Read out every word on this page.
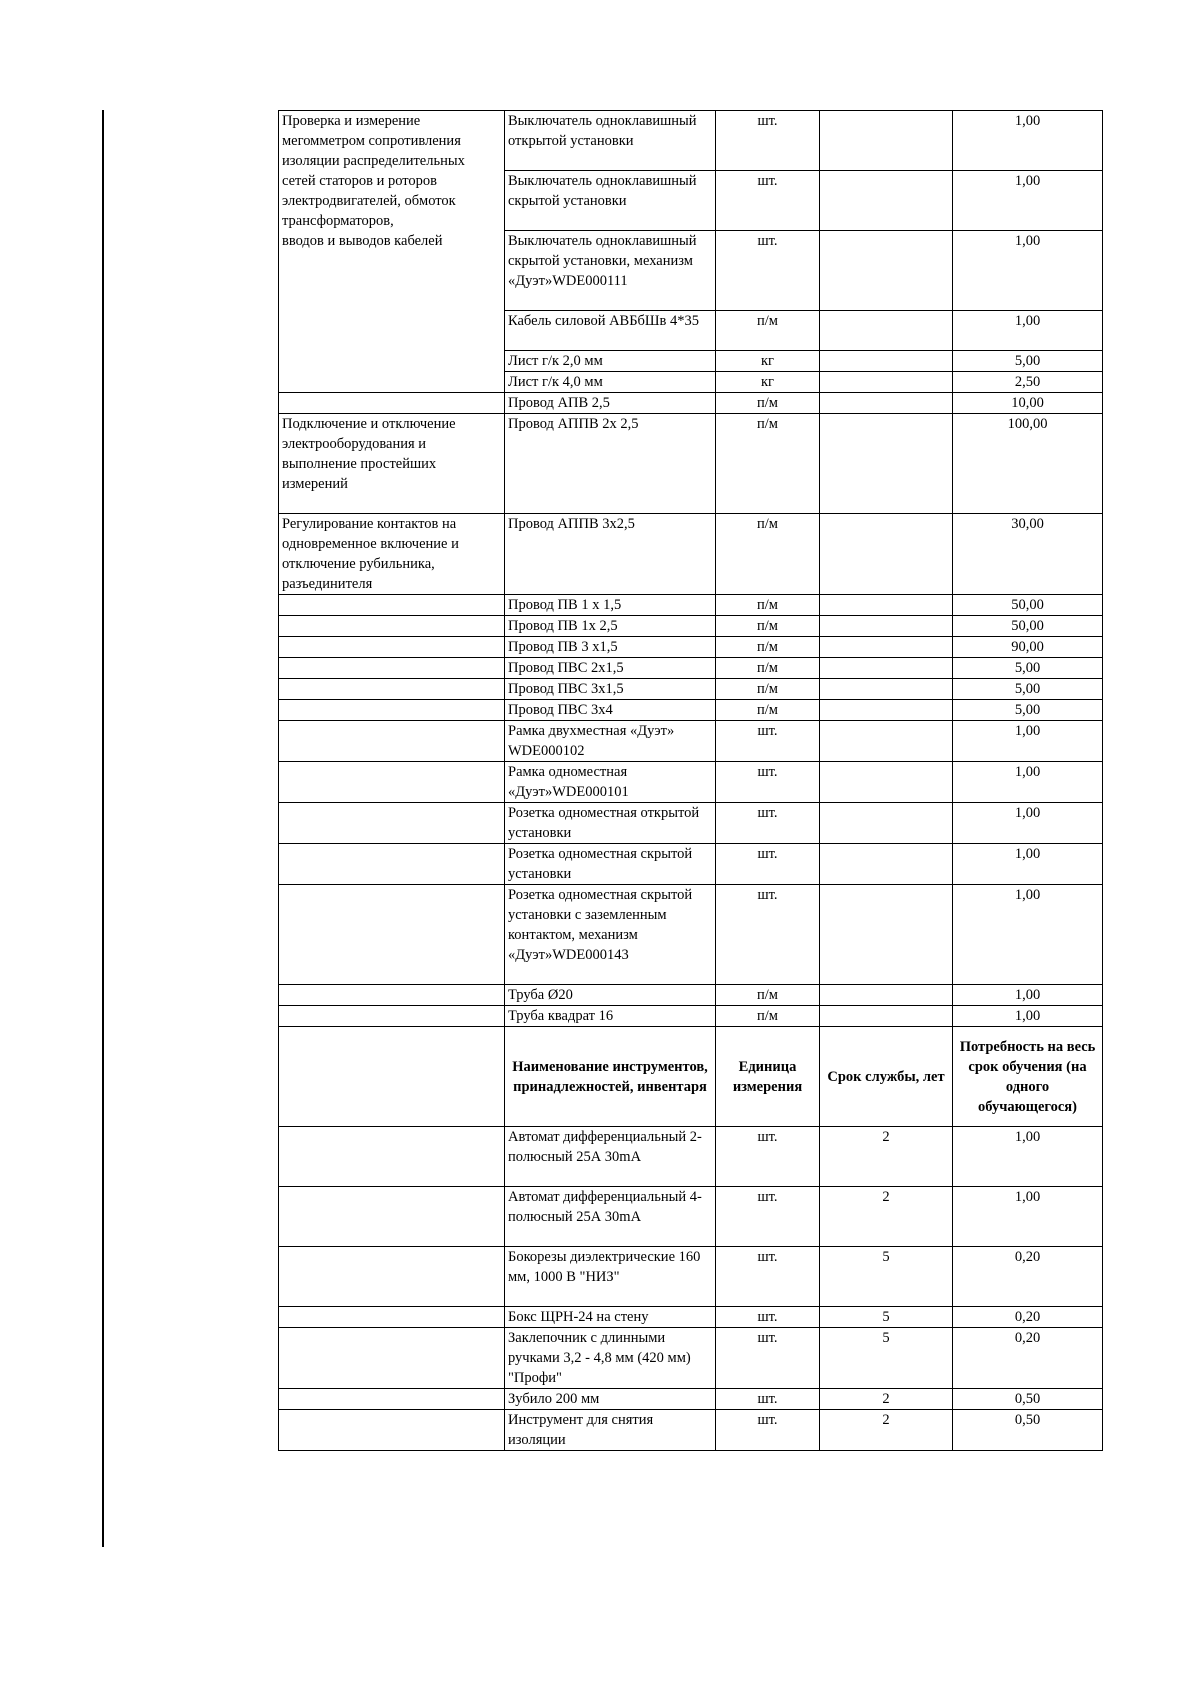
Проверка и измерение мегомметром сопротивления изоляции распределительных сетей статоров и роторов электродвигателей, обмоток трансформаторов,
вводов и выводов кабелей	Выключатель одноклавишный открытой установки	шт.		1,00
	Выключатель одноклавишный скрытой установки	шт.		1,00
	Выключатель одноклавишный скрытой установки, механизм «Дуэт»WDE000111	шт.		1,00
	Кабель силовой АВБбШв 4*35	п/м		1,00
	Лист г/к 2,0 мм	кг		5,00
	Лист г/к 4,0 мм	кг		2,50
	Провод АПВ 2,5	п/м		10,00
Подключение и отключение электрооборудования и выполнение простейших измерений	Провод АППВ 2х 2,5	п/м		100,00
Регулирование контактов на одновременное включение и отключение рубильника, разъединителя	Провод АППВ 3х2,5	п/м		30,00
	Провод ПВ 1 х 1,5	п/м		50,00
	Провод ПВ 1х 2,5	п/м		50,00
	Провод ПВ 3 х1,5	п/м		90,00
	Провод ПВС 2х1,5	п/м		5,00
	Провод ПВС 3х1,5	п/м		5,00
	Провод ПВС 3х4	п/м		5,00
	Рамка двухместная «Дуэт» WDE000102	шт.		1,00
	Рамка одноместная «Дуэт»WDE000101	шт.		1,00
	Розетка одноместная открытой установки	шт.		1,00
	Розетка одноместная скрытой установки	шт.		1,00
	Розетка одноместная скрытой установки с заземленным контактом, механизм «Дуэт»WDE000143	шт.		1,00
	Труба Ø20	п/м		1,00
	Труба квадрат 16	п/м		1,00
	Наименование инструментов, принадлежностей, инвентаря	Единица измерения	Срок службы, лет	Потребность на весь срок обучения (на одного обучающегося)
	Автомат дифференциальный 2-полюсный 25А 30mA	шт.	2	1,00
	Автомат дифференциальный 4-полюсный 25А 30mA	шт.	2	1,00
	Бокорезы диэлектрические 160 мм, 1000 В "НИЗ"	шт.	5	0,20
	Бокс ЩРН-24 на стену	шт.	5	0,20
	Заклепочник с длинными ручками 3,2 - 4,8 мм (420 мм) "Профи"	шт.	5	0,20
	Зубило 200 мм	шт.	2	0,50
	Инструмент для снятия изоляции	шт.	2	0,50
